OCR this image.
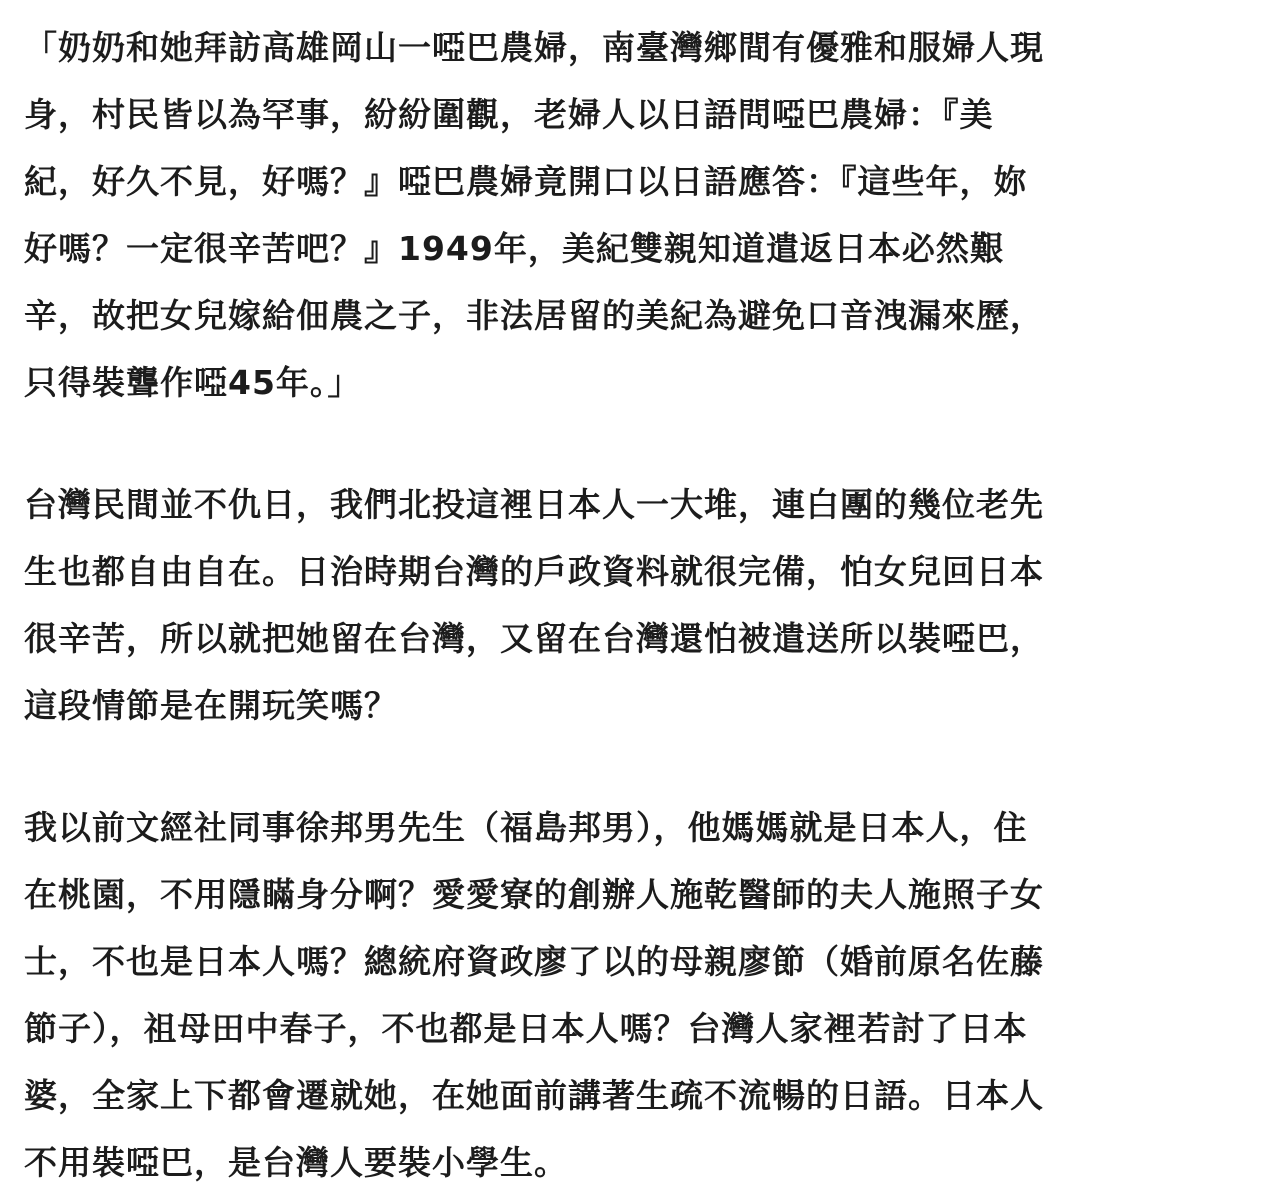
「奶奶和她拜訪高雄岡山一啞巴農婦，南臺灣鄉間有優雅和服婦人現
身，村民皆以為罕事，紛紛圍觀，老婦人以日語問啞巴農婦：『美
紀，好久不見，好嗎？』啞巴農婦竟開口以日語應答：『這些年，妳
好嗎？一定很辛苦吧？』1949年，美紀雙親知道遣返日本必然艱
辛，故把女兒嫁給佃農之子，非法居留的美紀為避免口音洩漏來歷，
只得裝聾作啞45年。」
台灣民間並不仇日，我們北投這裡日本人一大堆，連白團的幾位老先
生也都自由自在。日治時期台灣的戶政資料就很完備，怕女兒回日本
很辛苦，所以就把她留在台灣，又留在台灣還怕被遣送所以裝啞巴，
這段情節是在開玩笑嗎？
我以前文經社同事徐邦男先生（福島邦男），他媽媽就是日本人，住
在桃園，不用隱瞞身分啊？愛愛寮的創辦人施乾醫師的夫人施照子女
士，不也是日本人嗎？總統府資政廖了以的母親廖節（婚前原名佐藤
節子），祖母田中春子，不也都是日本人嗎？台灣人家裡若討了日本
婆，全家上下都會遷就她，在她面前講著生疏不流暢的日語。日本人
不用裝啞巴，是台灣人要裝小學生。
